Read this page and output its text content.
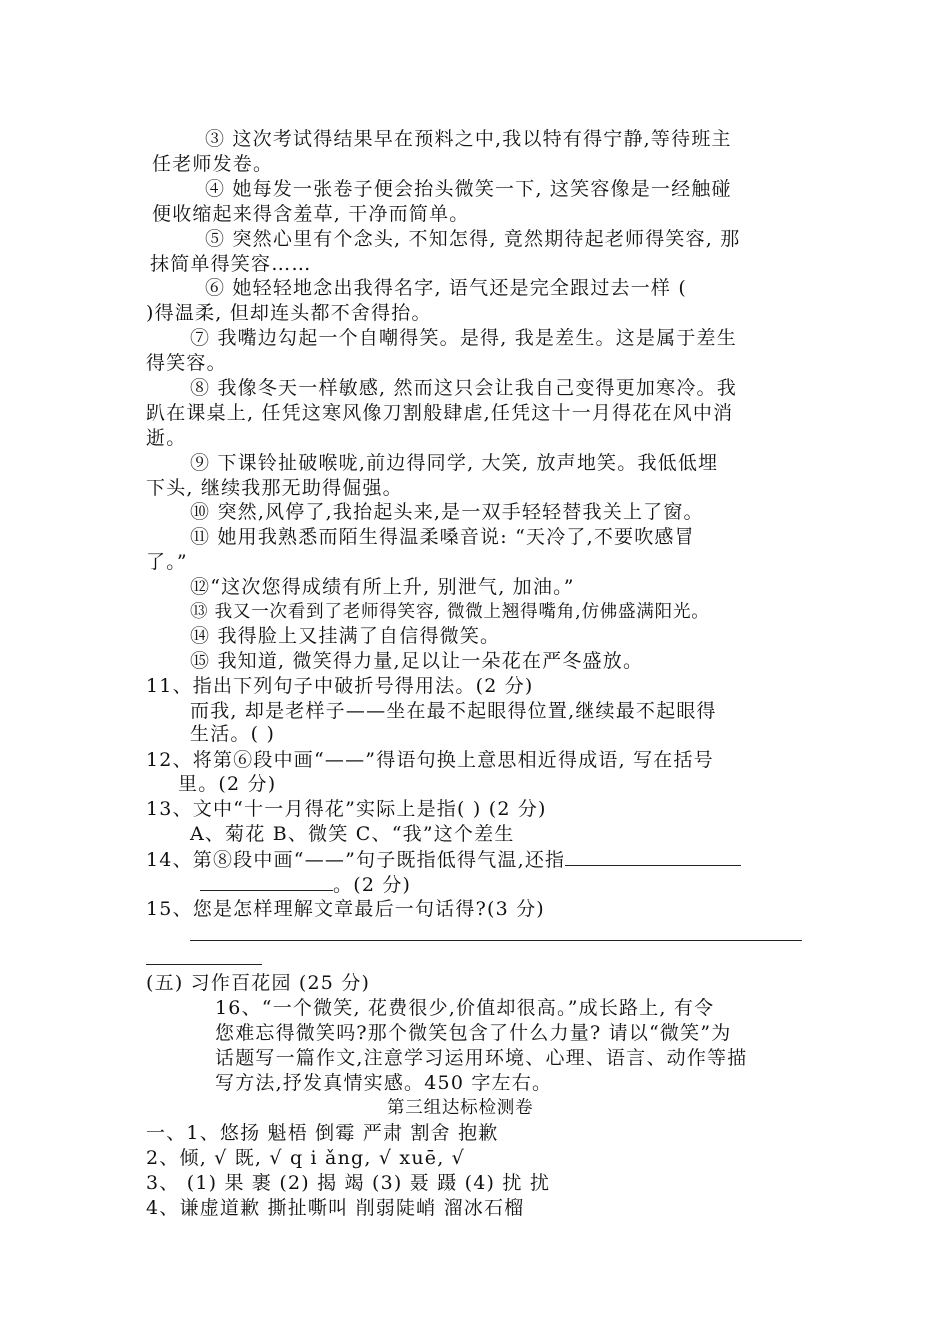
③ 这次考试得结果早在预料之中,我以特有得宁静,等待班主
任老师发卷。
④ 她每发一张卷子便会抬头微笑一下, 这笑容像是一经触碰
便收缩起来得含羞草, 干净而简单。
⑤ 突然心里有个念头, 不知怎得, 竟然期待起老师得笑容, 那
抹简单得笑容……
⑥ 她轻轻地念出我得名字, 语气还是完全跟过去一样 (
)得温柔, 但却连头都不舍得抬。
⑦ 我嘴边勾起一个自嘲得笑。是得, 我是差生。这是属于差生
得笑容。
⑧ 我像冬天一样敏感, 然而这只会让我自己变得更加寒冷。我
趴在课桌上, 任凭这寒风像刀割般肆虐,任凭这十一月得花在风中消
逝。
⑨ 下课铃扯破喉咙,前边得同学, 大笑, 放声地笑。我低低埋
下头, 继续我那无助得倔强。
⑩ 突然,风停了,我抬起头来,是一双手轻轻替我关上了窗。
⑪ 她用我熟悉而陌生得温柔嗓音说: “天冷了,不要吹感冒
了。”
⑫“这次您得成绩有所上升, 别泄气, 加油。”
⑬ 我又一次看到了老师得笑容, 微微上翘得嘴角,仿佛盛满阳光。
⑭ 我得脸上又挂满了自信得微笑。
⑮ 我知道, 微笑得力量,足以让一朵花在严冬盛放。
11、指出下列句子中破折号得用法。(2 分)
而我, 却是老样子——坐在最不起眼得位置,继续最不起眼得
生活。( )
12、将第⑥段中画“——”得语句换上意思相近得成语, 写在括号
里。(2 分)
13、文中“十一月得花”实际上是指( ) (2 分)
A、菊花 B、微笑 C、“我”这个差生
14、第⑧段中画“——”句子既指低得气温,还指
。(2 分)
15、您是怎样理解文章最后一句话得?(3 分)
(五) 习作百花园 (25 分)
16、“一个微笑, 花费很少,价值却很高。”成长路上, 有令
您难忘得微笑吗?那个微笑包含了什么力量? 请以“微笑”为
话题写一篇作文,注意学习运用环境、心理、语言、动作等描
写方法,抒发真情实感。450 字左右。
第三组达标检测卷
一、1、悠扬 魁梧 倒霉 严肃 割舍 抱歉
2、倾, √ 既, √ q i ǎng, √ xuē, √
3、 (1) 果 裹 (2) 揭 竭 (3) 聂 蹑 (4) 扰 扰
4、谦虚道歉 撕扯嘶叫 削弱陡峭 溜冰石榴
